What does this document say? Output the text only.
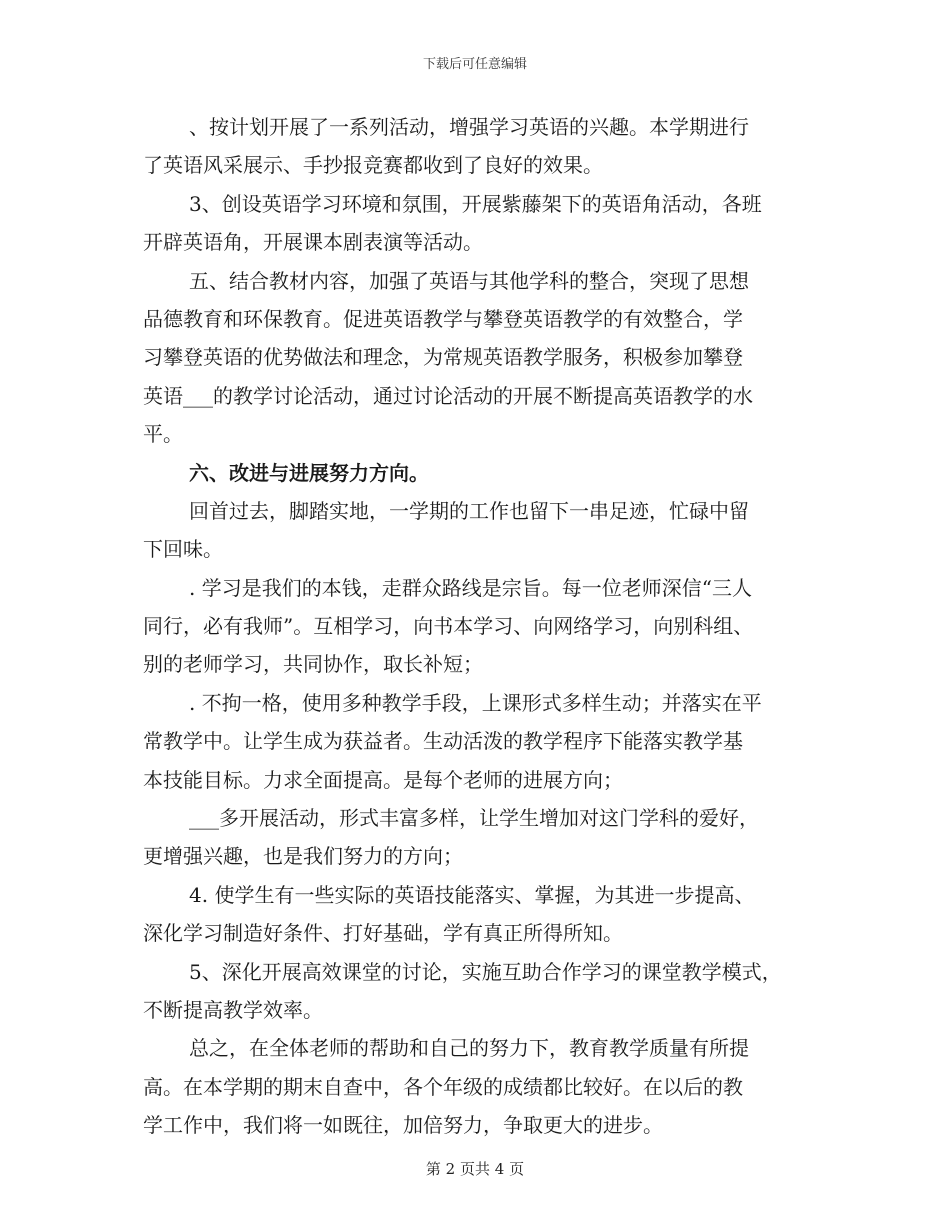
下载后可任意编辑
、按计划开展了一系列活动，增强学习英语的兴趣。本学期进行
了英语风采展示、手抄报竞赛都收到了良好的效果。
3、创设英语学习环境和氛围，开展紫藤架下的英语角活动，各班
开辟英语角，开展课本剧表演等活动。
五、结合教材内容，加强了英语与其他学科的整合，突现了思想
品德教育和环保教育。促进英语教学与攀登英语教学的有效整合，学
习攀登英语的优势做法和理念，为常规英语教学服务，积极参加攀登
英语___的教学讨论活动，通过讨论活动的开展不断提高英语教学的水
平。
六、改进与进展努力方向。
回首过去，脚踏实地，一学期的工作也留下一串足迹，忙碌中留
下回味。
. 学习是我们的本钱，走群众路线是宗旨。每一位老师深信“三人
同行，必有我师”。互相学习，向书本学习、向网络学习，向别科组、
别的老师学习，共同协作，取长补短；
. 不拘一格，使用多种教学手段，上课形式多样生动；并落实在平
常教学中。让学生成为获益者。生动活泼的教学程序下能落实教学基
本技能目标。力求全面提高。是每个老师的进展方向；
___多开展活动，形式丰富多样，让学生增加对这门学科的爱好，
更增强兴趣，也是我们努力的方向；
4. 使学生有一些实际的英语技能落实、掌握，为其进一步提高、
深化学习制造好条件、打好基础，学有真正所得所知。
5、深化开展高效课堂的讨论，实施互助合作学习的课堂教学模式，
不断提高教学效率。
总之，在全体老师的帮助和自己的努力下，教育教学质量有所提
高。在本学期的期末自查中，各个年级的成绩都比较好。在以后的教
学工作中，我们将一如既往，加倍努力，争取更大的进步。
第 2 页共 4 页
